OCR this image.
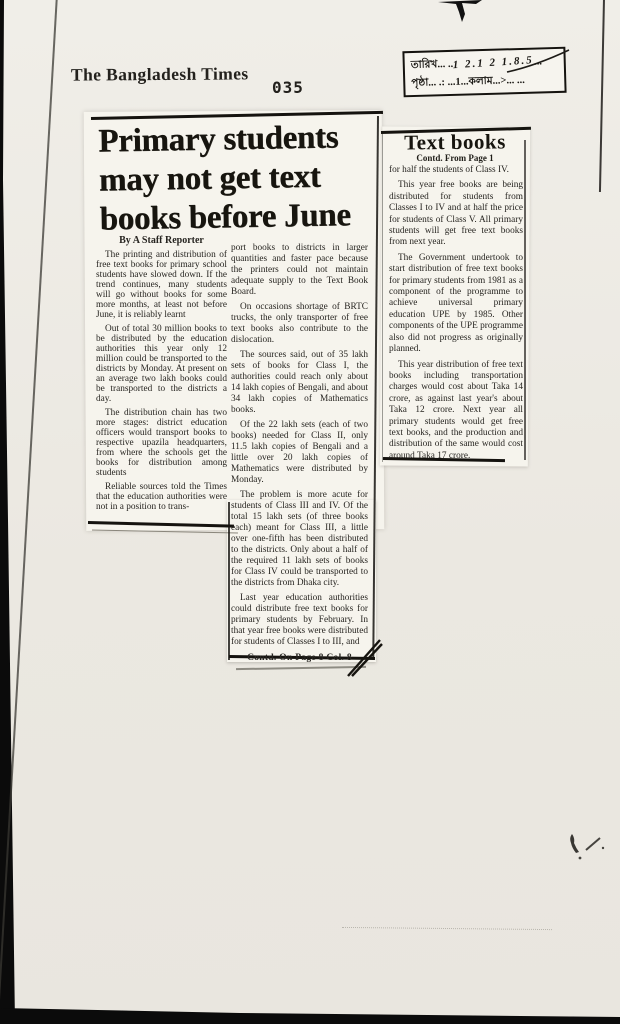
The Bangladesh Times
035
তারিখ... ..1 2.1 2 1.8.5...
পৃষ্ঠা... .: ...1...কলাম...>... ...
Primary students
may not get text
books before June
By A Staff Reporter

The printing and distribution of free text books for primary school students have slowed down. If the trend continues, many students will go without books for some more months, at least not before June, it is reliably learnt

Out of total 30 million books to be distributed by the education authorities this year only 12 million could be transported to the districts by Monday. At present on an average two lakh books could be transported to the districts a day.

The distribution chain has two more stages: district education officers would transport books to respective upazila headquarters, from where the schools get the books for distribution among students

Reliable sources told the Times that the education authorities were not in a position to trans-

port books to districts in larger quantities and faster pace because the printers could not maintain adequate supply to the Text Book Board.

On occasions shortage of BRTC trucks, the only transporter of free text books also contribute to the dislocation.

The sources said, out of 35 lakh sets of books for Class I, the authorities could reach only about 14 lakh copies of Bengali, and about 34 lakh copies of Mathematics books.

Of the 22 lakh sets (each of two books) needed for Class II, only 11.5 lakh copies of Bengali and a little over 20 lakh copies of Mathematics were distributed by Monday.

The problem is more acute for students of Class III and IV. Of the total 15 lakh sets (of three books each) meant for Class III, a little over one-fifth has been distributed to the districts. Only about a half of the required 11 lakh sets of books for Class IV could be transported to the districts from Dhaka city.

Last year education authorities could distribute free text books for primary students by February. In that year free books were distributed for students of Classes I to III, and

Contd. On Page 8 Col. 8
Text books
Contd. From Page 1

for half the students of Class IV.

This year free books are being distributed for students from Classes I to IV and at half the price for students of Class V. All primary students will get free text books from next year.

The Government undertook to start distribution of free text books for primary students from 1981 as a component of the programme to achieve universal primary education UPE by 1985. Other components of the UPE programme also did not progress as originally planned.

This year distribution of free text books including transportation charges would cost about Taka 14 crore, as against last year's about Taka 12 crore. Next year all primary students would get free text books, and the production and distribution of the same would cost around Taka 17 crore.
